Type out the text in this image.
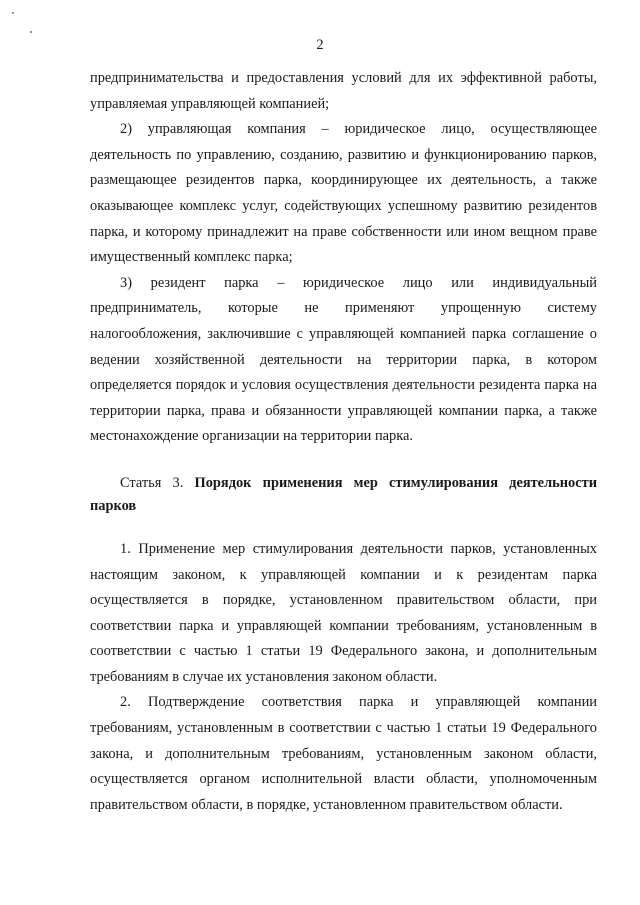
2

предпринимательства и предоставления условий для их эффективной работы, управляемая управляющей компанией;

2) управляющая компания – юридическое лицо, осуществляющее деятельность по управлению, созданию, развитию и функционированию парков, размещающее резидентов парка, координирующее их деятельность, а также оказывающее комплекс услуг, содействующих успешному развитию резидентов парка, и которому принадлежит на праве собственности или ином вещном праве имущественный комплекс парка;

3) резидент парка – юридическое лицо или индивидуальный предприниматель, которые не применяют упрощенную систему налогообложения, заключившие с управляющей компанией парка соглашение о ведении хозяйственной деятельности на территории парка, в котором определяется порядок и условия осуществления деятельности резидента парка на территории парка, права и обязанности управляющей компании парка, а также местонахождение организации на территории парка.

Статья 3. Порядок применения мер стимулирования деятельности парков

1. Применение мер стимулирования деятельности парков, установленных настоящим законом, к управляющей компании и к резидентам парка осуществляется в порядке, установленном правительством области, при соответствии парка и управляющей компании требованиям, установленным в соответствии с частью 1 статьи 19 Федерального закона, и дополнительным требованиям в случае их установления законом области.

2. Подтверждение соответствия парка и управляющей компании требованиям, установленным в соответствии с частью 1 статьи 19 Федерального закона, и дополнительным требованиям, установленным законом области, осуществляется органом исполнительной власти области, уполномоченным правительством области, в порядке, установленном правительством области.
